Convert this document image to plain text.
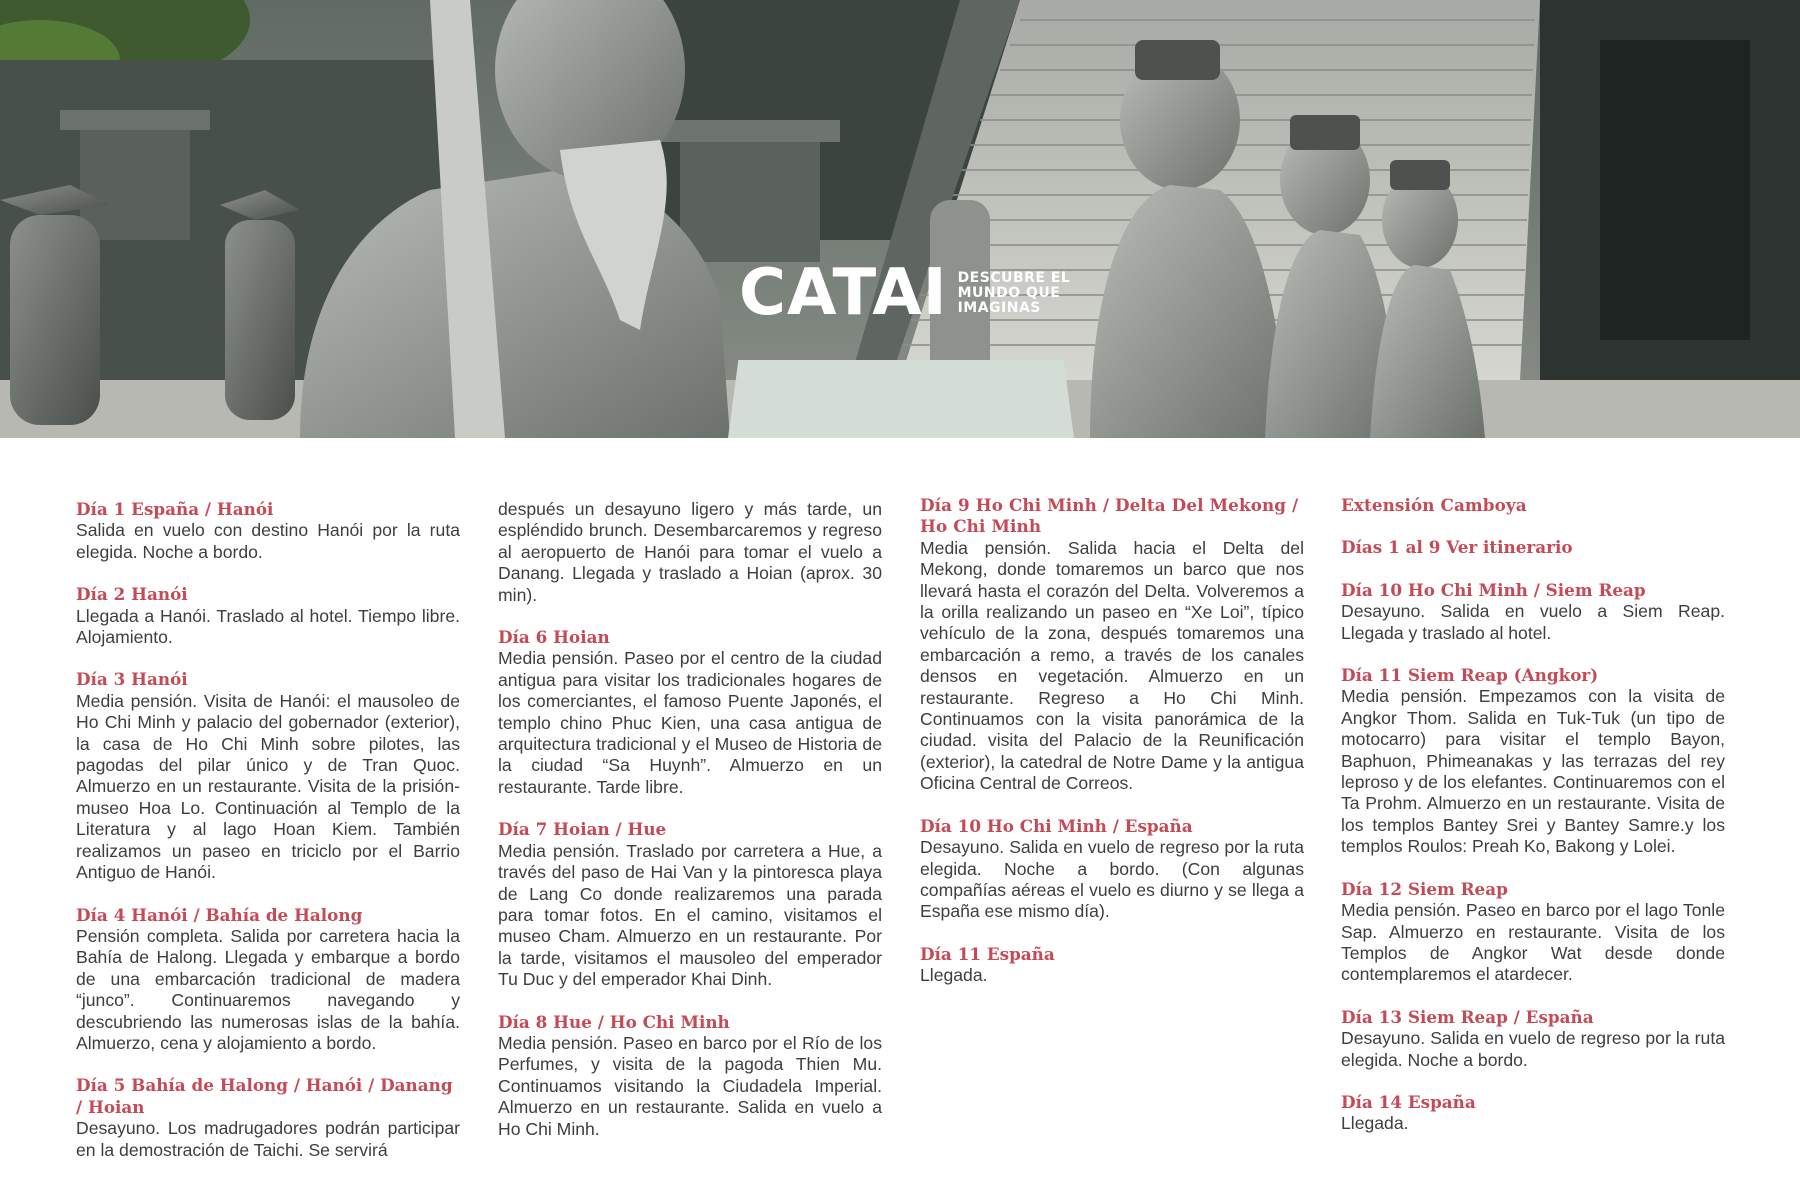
CATAI DESCUBRE EL
MUNDO QUE
IMAGINAS
Día 1 España / Hanói
Salida en vuelo con destino Hanói por la ruta elegida. Noche a bordo.
Día 2 Hanói
Llegada a Hanói. Traslado al hotel. Tiempo libre. Alojamiento.
Día 3 Hanói
Media pensión. Visita de Hanói: el mausoleo de Ho Chi Minh y palacio del gobernador (exterior), la casa de Ho Chi Minh sobre pilotes, las pagodas del pilar único y de Tran Quoc. Almuerzo en un restaurante. Visita de la prisión-museo Hoa Lo. Continuación al Templo de la Literatura y al lago Hoan Kiem. También realizamos un paseo en triciclo por el Barrio Antiguo de Hanói.
Día 4 Hanói / Bahía de Halong
Pensión completa. Salida por carretera hacia la Bahía de Halong. Llegada y embarque a bordo de una embarcación tradicional de madera “junco”. Continuaremos navegando y descubriendo las numerosas islas de la bahía. Almuerzo, cena y alojamiento a bordo.
Día 5 Bahía de Halong / Hanói / Danang / Hoian
Desayuno. Los madrugadores podrán participar en la demostración de Taichi. Se servirá
después un desayuno ligero y más tarde, un espléndido brunch. Desembarcaremos y regreso al aeropuerto de Hanói para tomar el vuelo a Danang. Llegada y traslado a Hoian (aprox. 30 min).
Día 6 Hoian
Media pensión. Paseo por el centro de la ciudad antigua para visitar los tradicionales hogares de los comerciantes, el famoso Puente Japonés, el templo chino Phuc Kien, una casa antigua de arquitectura tradicional y el Museo de Historia de la ciudad “Sa Huynh”. Almuerzo en un restaurante. Tarde libre.
Día 7 Hoian / Hue
Media pensión. Traslado por carretera a Hue, a través del paso de Hai Van y la pintoresca playa de Lang Co donde realizaremos una parada para tomar fotos. En el camino, visitamos el museo Cham. Almuerzo en un restaurante. Por la tarde, visitamos el mausoleo del emperador Tu Duc y del emperador Khai Dinh.
Día 8 Hue / Ho Chi Minh
Media pensión. Paseo en barco por el Río de los Perfumes, y visita de la pagoda Thien Mu. Continuamos visitando la Ciudadela Imperial. Almuerzo en un restaurante. Salida en vuelo a Ho Chi Minh.
Día 9 Ho Chi Minh / Delta Del Mekong / Ho Chi Minh
Media pensión. Salida hacia el Delta del Mekong, donde tomaremos un barco que nos llevará hasta el corazón del Delta. Volveremos a la orilla realizando un paseo en “Xe Loi”, típico vehículo de la zona, después tomaremos una embarcación a remo, a través de los canales densos en vegetación. Almuerzo en un restaurante. Regreso a Ho Chi Minh. Continuamos con la visita panorámica de la ciudad. visita del Palacio de la Reunificación (exterior), la catedral de Notre Dame y la antigua Oficina Central de Correos.
Día 10 Ho Chi Minh / España
Desayuno. Salida en vuelo de regreso por la ruta elegida. Noche a bordo. (Con algunas compañías aéreas el vuelo es diurno y se llega a España ese mismo día).
Día 11 España
Llegada.
Extensión Camboya
Días 1 al 9 Ver itinerario
Día 10 Ho Chi Minh / Siem Reap
Desayuno. Salida en vuelo a Siem Reap. Llegada y traslado al hotel.
Día 11 Siem Reap (Angkor)
Media pensión. Empezamos con la visita de Angkor Thom. Salida en Tuk-Tuk (un tipo de motocarro) para visitar el templo Bayon, Baphuon, Phimeanakas y las terrazas del rey leproso y de los elefantes. Continuaremos con el Ta Prohm. Almuerzo en un restaurante. Visita de los templos Bantey Srei y Bantey Samre.y los templos Roulos: Preah Ko, Bakong y Lolei.
Día 12 Siem Reap
Media pensión. Paseo en barco por el lago Tonle Sap. Almuerzo en restaurante. Visita de los Templos de Angkor Wat desde donde contemplaremos el atardecer.
Día 13 Siem Reap / España
Desayuno. Salida en vuelo de regreso por la ruta elegida. Noche a bordo.
Día 14 España
Llegada.
